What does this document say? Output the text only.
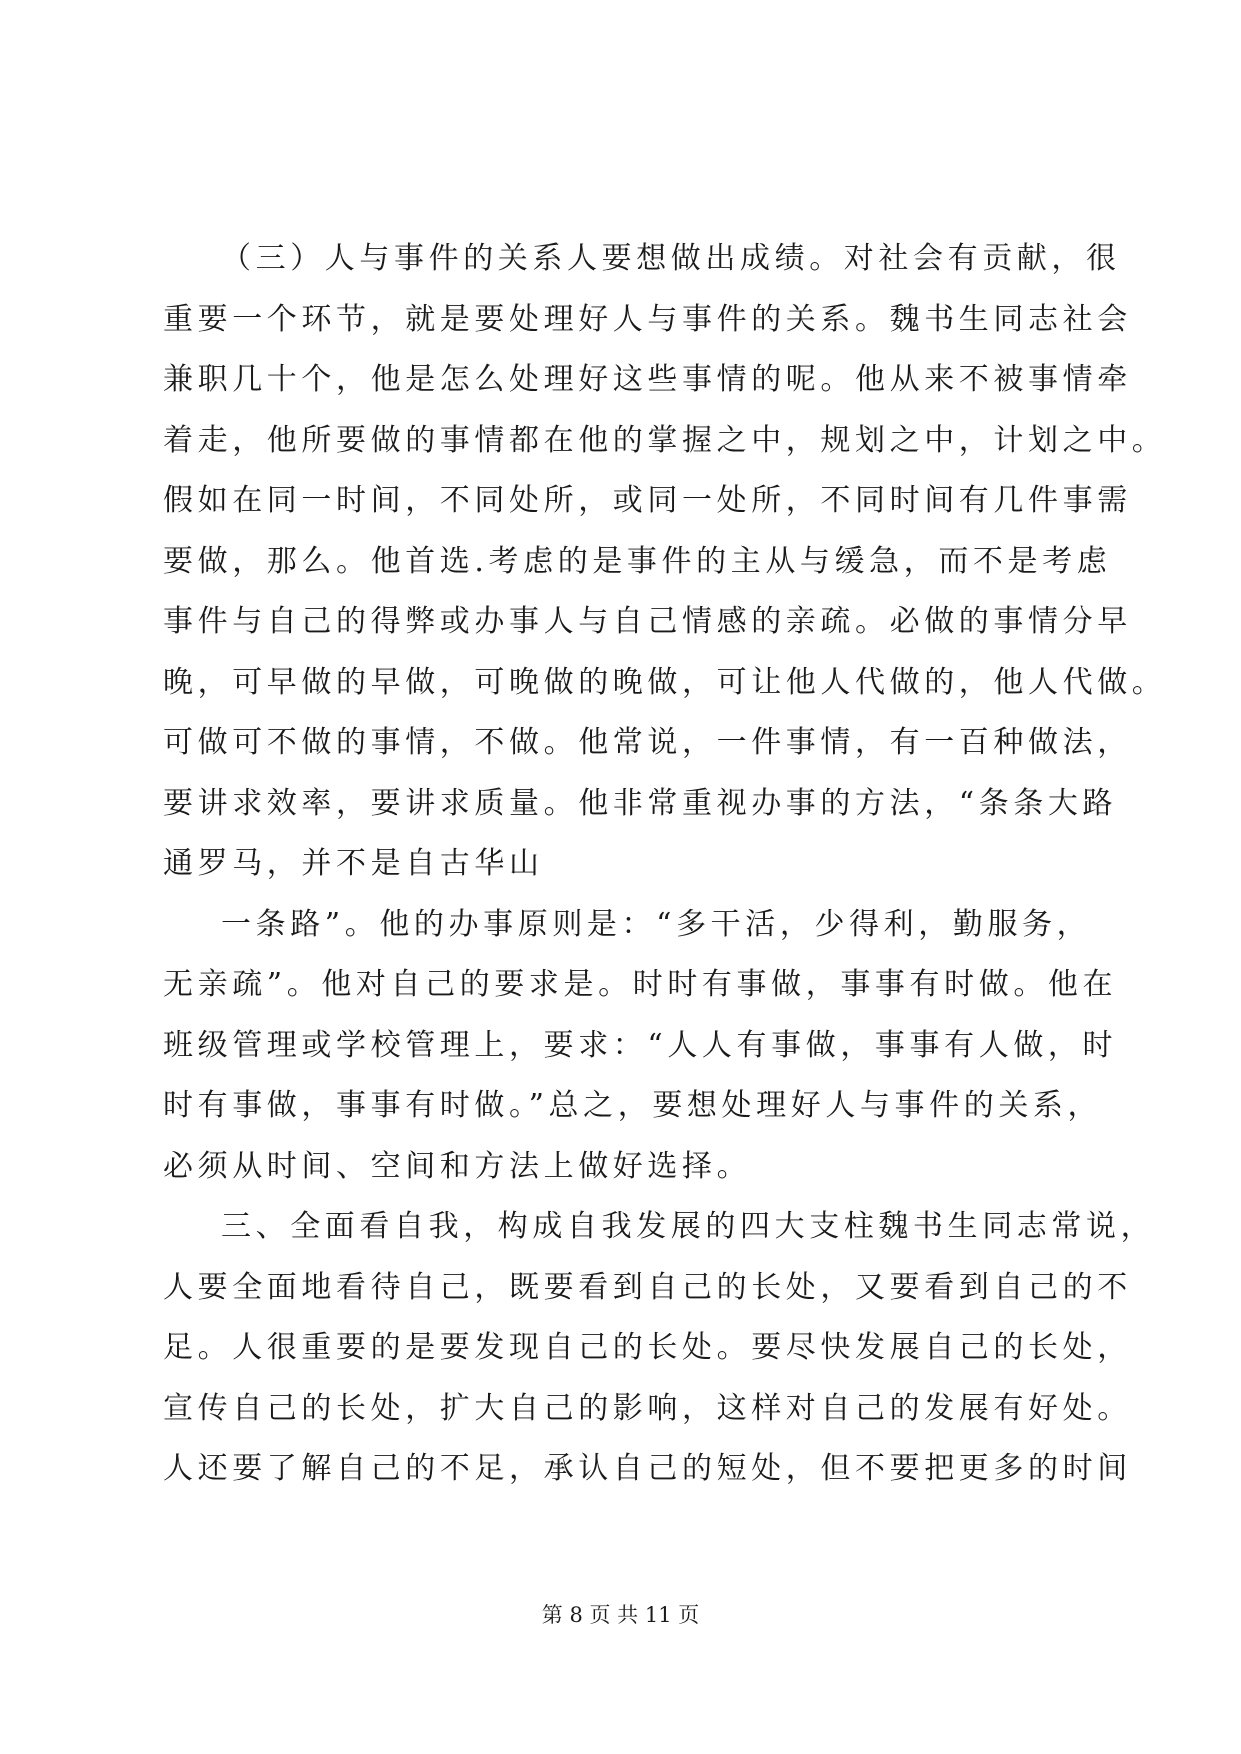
（三）人与事件的关系人要想做出成绩。对社会有贡献，很
重要一个环节，就是要处理好人与事件的关系。魏书生同志社会
兼职几十个，他是怎么处理好这些事情的呢。他从来不被事情牵
着走，他所要做的事情都在他的掌握之中，规划之中，计划之中。
假如在同一时间，不同处所，或同一处所，不同时间有几件事需
要做，那么。他首选.考虑的是事件的主从与缓急，而不是考虑
事件与自己的得弊或办事人与自己情感的亲疏。必做的事情分早
晚，可早做的早做，可晚做的晚做，可让他人代做的，他人代做。
可做可不做的事情，不做。他常说，一件事情，有一百种做法，
要讲求效率，要讲求质量。他非常重视办事的方法，“条条大路
通罗马，并不是自古华山
一条路”。他的办事原则是：“多干活，少得利，勤服务，
无亲疏”。他对自己的要求是。时时有事做，事事有时做。他在
班级管理或学校管理上，要求：“人人有事做，事事有人做，时
时有事做，事事有时做。”总之，要想处理好人与事件的关系，
必须从时间、空间和方法上做好选择。
三、全面看自我，构成自我发展的四大支柱魏书生同志常说，
人要全面地看待自己，既要看到自己的长处，又要看到自己的不
足。人很重要的是要发现自己的长处。要尽快发展自己的长处，
宣传自己的长处，扩大自己的影响，这样对自己的发展有好处。
人还要了解自己的不足，承认自己的短处，但不要把更多的时间
第 8 页 共 11 页
